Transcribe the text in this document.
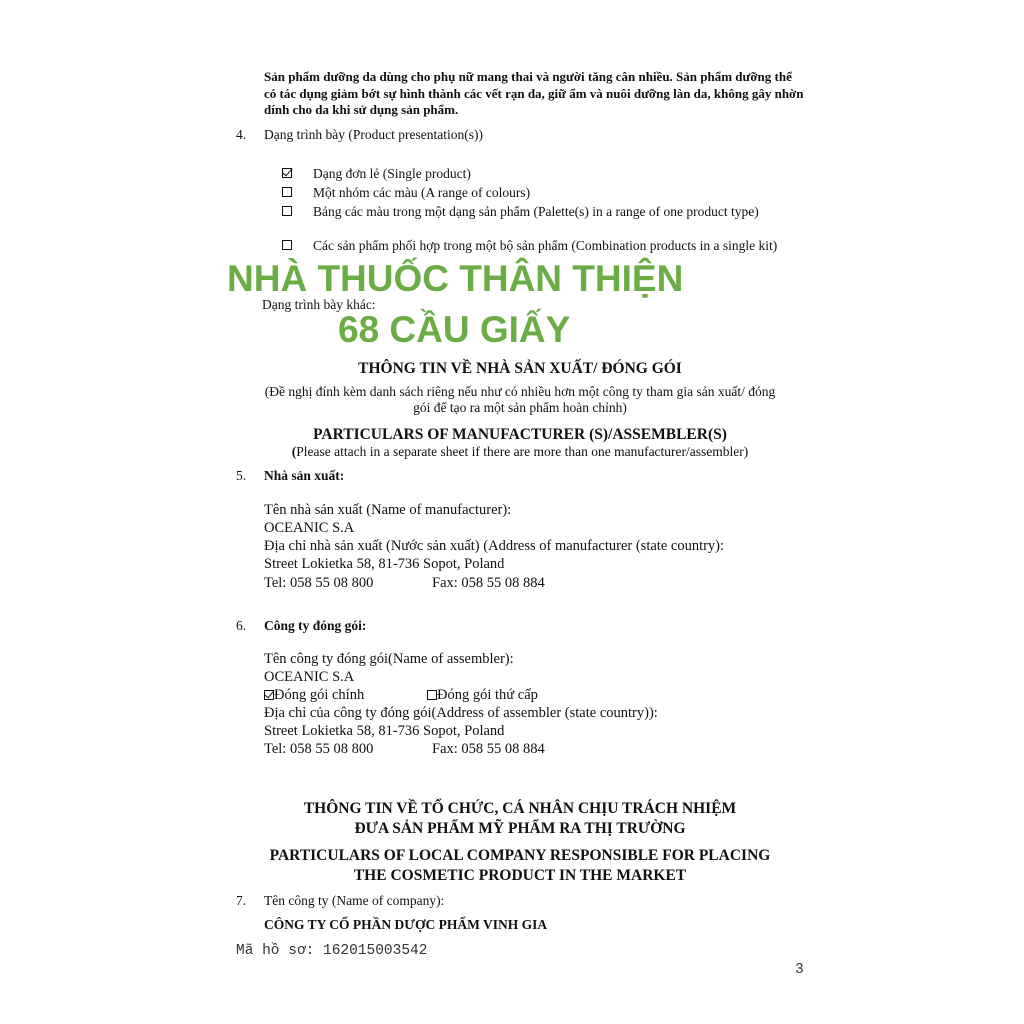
Sản phẩm dưỡng da dùng cho phụ nữ mang thai và người tăng cân nhiều. Sản phẩm dưỡng thể có tác dụng giảm bớt sự hình thành các vết rạn da, giữ ẩm và nuôi dưỡng làn da, không gây nhờn dính cho da khi sử dụng sản phẩm.
4. Dạng trình bày (Product presentation(s))
Dạng đơn lẻ (Single product)
Một nhóm các màu (A range of colours)
Bảng các màu trong một dạng sản phẩm (Palette(s) in a range of one product type)
Các sản phẩm phối hợp trong một bộ sản phẩm (Combination products in a single kit)
NHÀ THUỐC THÂN THIỆN
Dạng trình bày khác:
68 CẦU GIẤY
THÔNG TIN VỀ NHÀ SẢN XUẤT/ ĐÓNG GÓI
(Đề nghị đính kèm danh sách riêng nếu như có nhiều hơn một công ty tham gia sản xuất/ đóng
gói để tạo ra một sản phẩm hoàn chỉnh)
PARTICULARS OF MANUFACTURER (S)/ASSEMBLER(S)
(Please attach in a separate sheet if there are more than one manufacturer/assembler)
5. Nhà sản xuất:
Tên nhà sản xuất (Name of manufacturer):
OCEANIC S.A
Địa chỉ nhà sản xuất (Nước sản xuất) (Address of manufacturer (state country):
Street Lokietka 58, 81-736 Sopot, Poland
Tel: 058 55 08 800	Fax: 058 55 08 884
6. Công ty đóng gói:
Tên công ty đóng gói(Name of assembler):
OCEANIC S.A
Đóng gói chính	Đóng gói thứ cấp
Địa chỉ của công ty đóng gói(Address of assembler (state country)):
Street Lokietka 58, 81-736 Sopot, Poland
Tel: 058 55 08 800	Fax: 058 55 08 884
THÔNG TIN VỀ TỔ CHỨC, CÁ NHÂN CHỊU TRÁCH NHIỆM
ĐƯA SẢN PHẨM MỸ PHẨM RA THỊ TRƯỜNG
PARTICULARS OF LOCAL COMPANY RESPONSIBLE FOR PLACING
THE COSMETIC PRODUCT IN THE MARKET
7. Tên công ty (Name of company):
CÔNG TY CỔ PHẦN DƯỢC PHẨM VINH GIA
Mã hồ sơ: 162015003542
3
